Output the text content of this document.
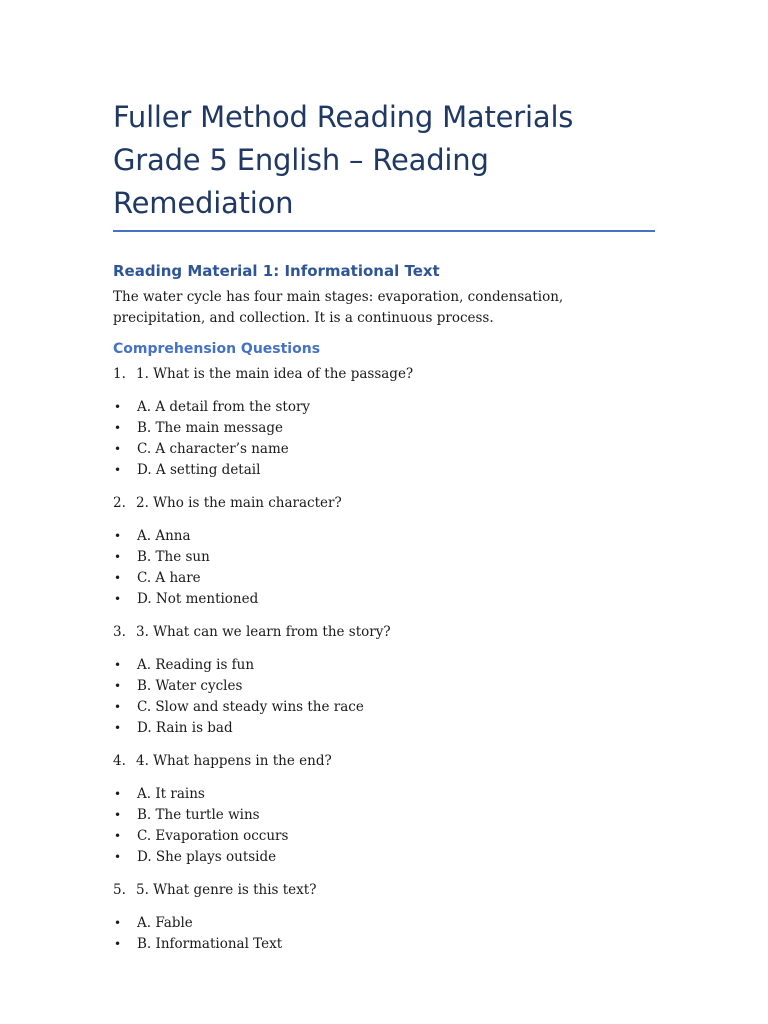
Fuller Method Reading Materials
Grade 5 English – Reading Remediation
Reading Material 1: Informational Text

The water cycle has four main stages: evaporation, condensation, precipitation, and collection. It is a continuous process.

Comprehension Questions
1. 1. What is the main idea of the passage?
•	A. A detail from the story
•	B. The main message
•	C. A character’s name
•	D. A setting detail
2. 2. Who is the main character?
•	A. Anna
•	B. The sun
•	C. A hare
•	D. Not mentioned
3. 3. What can we learn from the story?
•	A. Reading is fun
•	B. Water cycles
•	C. Slow and steady wins the race
•	D. Rain is bad
4. 4. What happens in the end?
•	A. It rains
•	B. The turtle wins
•	C. Evaporation occurs
•	D. She plays outside
5. 5. What genre is this text?
•	A. Fable
•	B. Informational Text
